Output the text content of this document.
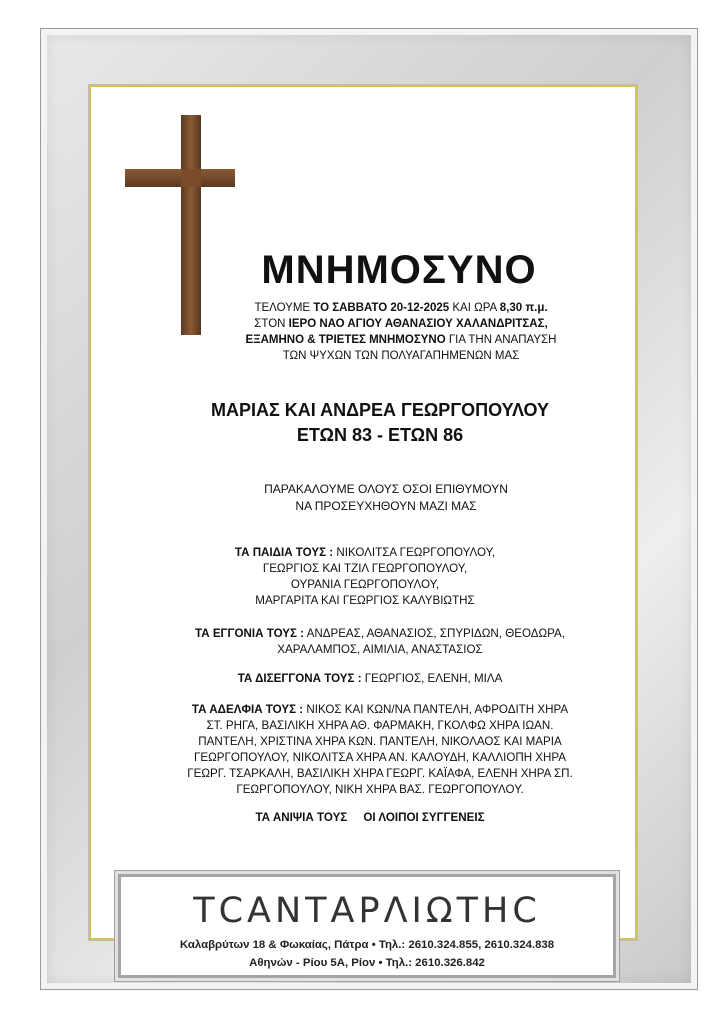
ΜΝΗΜΟΣΥΝΟ
ΤΕΛΟΥΜΕ ΤΟ ΣΑΒΒΑΤΟ 20-12-2025 ΚΑΙ ΩΡΑ 8,30 π.μ.
ΣΤΟΝ ΙΕΡΟ ΝΑΟ ΑΓΙΟΥ ΑΘΑΝΑΣΙΟΥ ΧΑΛΑΝΔΡΙΤΣΑΣ,
ΕΞΑΜΗΝΟ & ΤΡΙΕΤΕΣ ΜΝΗΜΟΣΥΝΟ ΓΙΑ ΤΗΝ ΑΝΑΠΑΥΣΗ
ΤΩΝ ΨΥΧΩΝ ΤΩΝ ΠΟΛΥΑΓΑΠΗΜΕΝΩΝ ΜΑΣ
ΜΑΡΙΑΣ ΚΑΙ ΑΝΔΡΕΑ ΓΕΩΡΓΟΠΟΥΛΟΥ
ΕΤΩΝ 83 - ΕΤΩΝ 86
ΠΑΡΑΚΑΛΟΥΜΕ ΟΛΟΥΣ ΟΣΟΙ ΕΠΙΘΥΜΟΥΝ
ΝΑ ΠΡΟΣΕΥΧΗΘΟΥΝ ΜΑΖΙ ΜΑΣ
ΤΑ ΠΑΙΔΙΑ ΤΟΥΣ : ΝΙΚΟΛΙΤΣΑ ΓΕΩΡΓΟΠΟΥΛΟΥ,
ΓΕΩΡΓΙΟΣ ΚΑΙ ΤΖΙΛ ΓΕΩΡΓΟΠΟΥΛΟΥ,
ΟΥΡΑΝΙΑ ΓΕΩΡΓΟΠΟΥΛΟΥ,
ΜΑΡΓΑΡΙΤΑ ΚΑΙ ΓΕΩΡΓΙΟΣ ΚΑΛΥΒΙΩΤΗΣ
ΤΑ ΕΓΓΟΝΙΑ ΤΟΥΣ : ΑΝΔΡΕΑΣ, ΑΘΑΝΑΣΙΟΣ, ΣΠΥΡΙΔΩΝ, ΘΕΟΔΩΡΑ,
ΧΑΡΑΛΑΜΠΟΣ, ΑΙΜΙΛΙΑ, ΑΝΑΣΤΑΣΙΟΣ
ΤΑ ΔΙΣΕΓΓΟΝΑ ΤΟΥΣ : ΓΕΩΡΓΙΟΣ, ΕΛΕΝΗ, ΜΙΛΑ
ΤΑ ΑΔΕΛΦΙΑ ΤΟΥΣ : ΝΙΚΟΣ ΚΑΙ ΚΩΝ/ΝΑ ΠΑΝΤΕΛΗ, ΑΦΡΟΔΙΤΗ ΧΗΡΑ
ΣΤ. ΡΗΓΑ, ΒΑΣΙΛΙΚΗ ΧΗΡΑ ΑΘ. ΦΑΡΜΑΚΗ, ΓΚΟΛΦΩ ΧΗΡΑ ΙΩΑΝ.
ΠΑΝΤΕΛΗ, ΧΡΙΣΤΙΝΑ ΧΗΡΑ ΚΩΝ. ΠΑΝΤΕΛΗ, ΝΙΚΟΛΑΟΣ ΚΑΙ ΜΑΡΙΑ
ΓΕΩΡΓΟΠΟΥΛΟΥ, ΝΙΚΟΛΙΤΣΑ ΧΗΡΑ ΑΝ. ΚΑΛΟΥΔΗ, ΚΑΛΛΙΟΠΗ ΧΗΡΑ
ΓΕΩΡΓ. ΤΣΑΡΚΑΛΗ, ΒΑΣΙΛΙΚΗ ΧΗΡΑ ΓΕΩΡΓ. ΚΑΪΑΦΑ, ΕΛΕΝΗ ΧΗΡΑ ΣΠ.
ΓΕΩΡΓΟΠΟΥΛΟΥ, ΝΙΚΗ ΧΗΡΑ ΒΑΣ. ΓΕΩΡΓΟΠΟΥΛΟΥ.
ΤΑ ΑΝΙΨΙΑ ΤΟΥΣ ΟΙ ΛΟΙΠΟΙ ΣΥΓΓΕΝΕΙΣ
ΤϹΑΝΤΑΡΛΙΩΤΗϹ
Καλαβρύτων 18 & Φωκαίας, Πάτρα • Τηλ.: 2610.324.855, 2610.324.838
Αθηνών - Ρίου 5Α, Ρίον • Τηλ.: 2610.326.842
